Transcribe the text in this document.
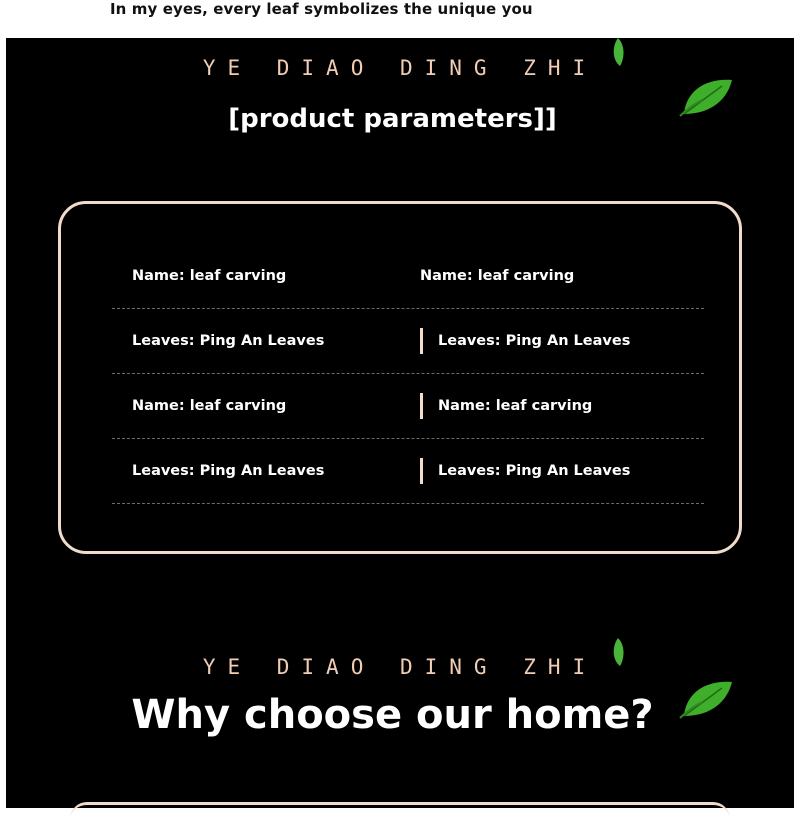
In my eyes, every leaf symbolizes the unique you
YE DIAO DING ZHI
[product parameters]]
Name: leaf carving	Name: leaf carving
Leaves: Ping An Leaves	Leaves: Ping An Leaves
Name: leaf carving	Name: leaf carving
Leaves: Ping An Leaves	Leaves: Ping An Leaves
YE DIAO DING ZHI
Why choose our home?
